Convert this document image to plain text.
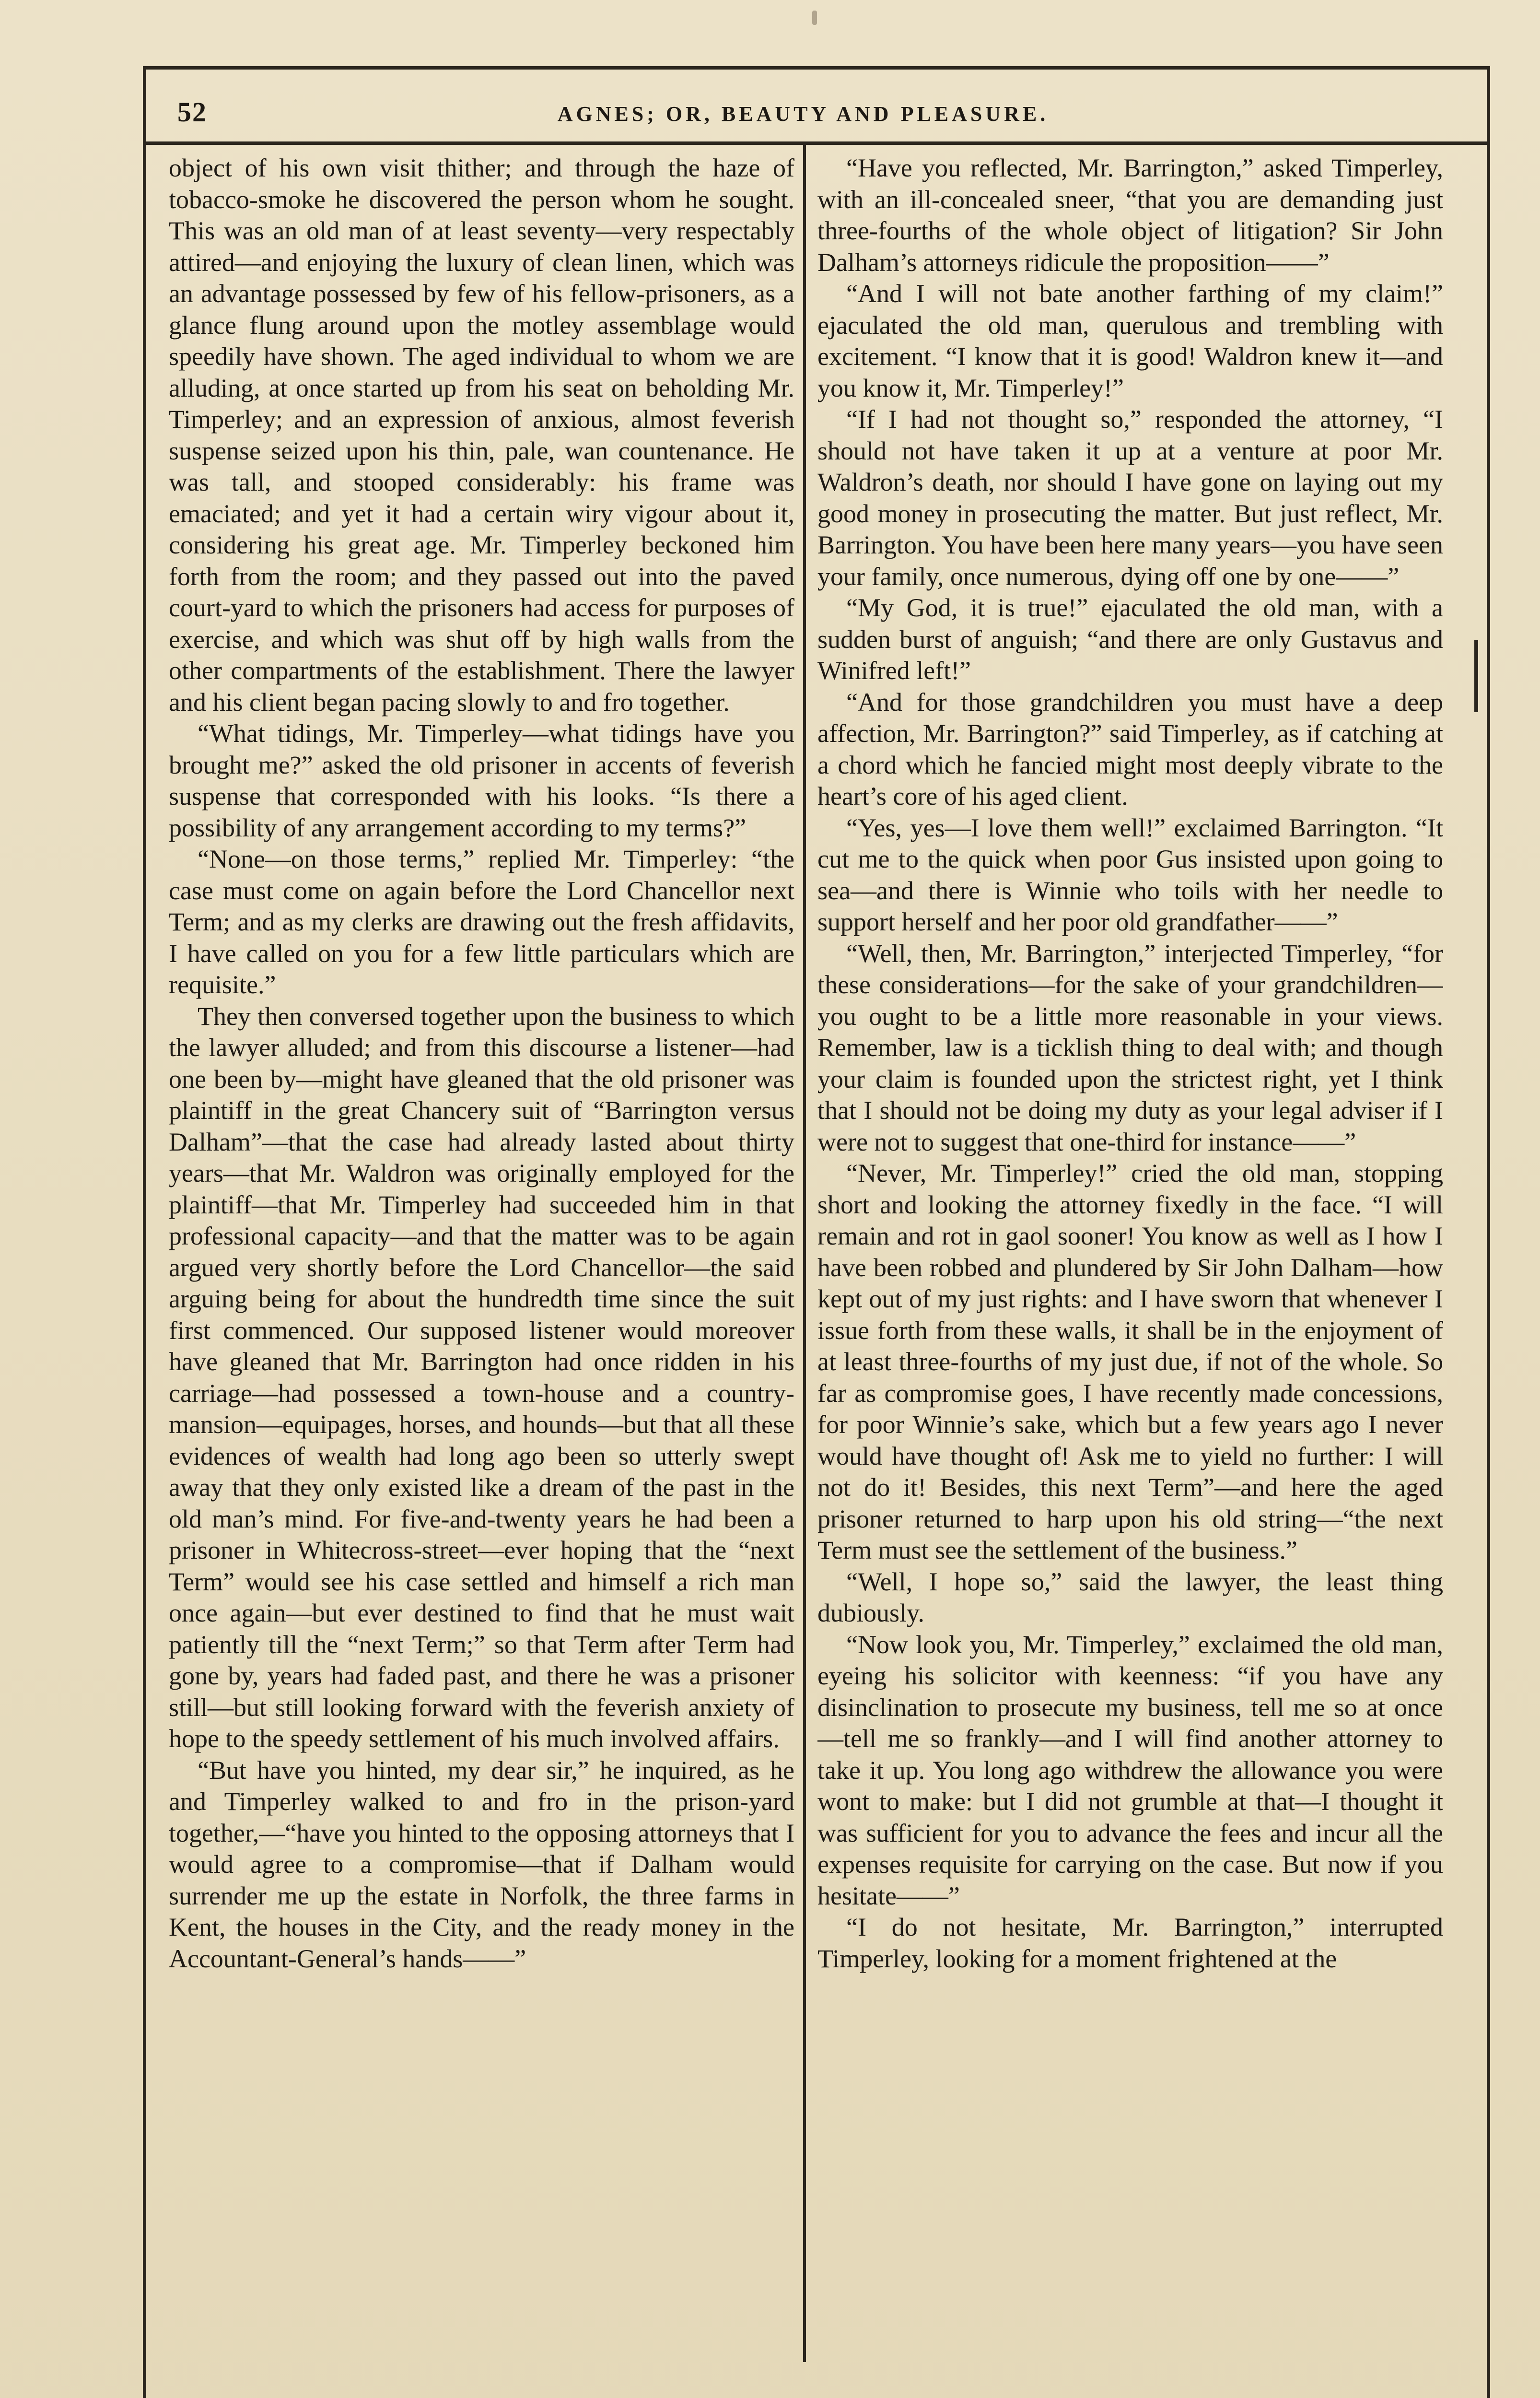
52	AGNES; OR, BEAUTY AND PLEASURE.

object of his own visit thither; and through the haze of tobacco-smoke he discovered the person whom he sought. This was an old man of at least seventy—very respectably attired—and enjoying the luxury of clean linen, which was an advantage possessed by few of his fellow-prisoners, as a glance flung around upon the motley assemblage would speedily have shown. The aged individual to whom we are alluding, at once started up from his seat on beholding Mr. Timperley; and an expression of anxious, almost feverish suspense seized upon his thin, pale, wan countenance. He was tall, and stooped considerably: his frame was emaciated; and yet it had a certain wiry vigour about it, considering his great age. Mr. Timperley beckoned him forth from the room; and they passed out into the paved court-yard to which the prisoners had access for purposes of exercise, and which was shut off by high walls from the other compartments of the establishment. There the lawyer and his client began pacing slowly to and fro together.

“What tidings, Mr. Timperley—what tidings have you brought me?” asked the old prisoner in accents of feverish suspense that corresponded with his looks. “Is there a possibility of any arrangement according to my terms?”

“None—on those terms,” replied Mr. Timperley: “the case must come on again before the Lord Chancellor next Term; and as my clerks are drawing out the fresh affidavits, I have called on you for a few little particulars which are requisite.”

They then conversed together upon the business to which the lawyer alluded; and from this discourse a listener—had one been by—might have gleaned that the old prisoner was plaintiff in the great Chancery suit of “Barrington versus Dalham”—that the case had already lasted about thirty years—that Mr. Waldron was originally employed for the plaintiff—that Mr. Timperley had succeeded him in that professional capacity—and that the matter was to be again argued very shortly before the Lord Chancellor—the said arguing being for about the hundredth time since the suit first commenced. Our supposed listener would moreover have gleaned that Mr. Barrington had once ridden in his carriage—had possessed a town-house and a country-mansion—equipages, horses, and hounds—but that all these evidences of wealth had long ago been so utterly swept away that they only existed like a dream of the past in the old man’s mind. For five-and-twenty years he had been a prisoner in Whitecross-street—ever hoping that the “next Term” would see his case settled and himself a rich man once again—but ever destined to find that he must wait patiently till the “next Term;” so that Term after Term had gone by, years had faded past, and there he was a prisoner still—but still looking forward with the feverish anxiety of hope to the speedy settlement of his much involved affairs.

“But have you hinted, my dear sir,” he inquired, as he and Timperley walked to and fro in the prison-yard together,—“have you hinted to the opposing attorneys that I would agree to a compromise—that if Dalham would surrender me up the estate in Norfolk, the three farms in Kent, the houses in the City, and the ready money in the Accountant-General’s hands——”

“Have you reflected, Mr. Barrington,” asked Timperley, with an ill-concealed sneer, “that you are demanding just three-fourths of the whole object of litigation? Sir John Dalham’s attorneys ridicule the proposition——”

“And I will not bate another farthing of my claim!” ejaculated the old man, querulous and trembling with excitement. “I know that it is good! Waldron knew it—and you know it, Mr. Timperley!”

“If I had not thought so,” responded the attorney, “I should not have taken it up at a venture at poor Mr. Waldron’s death, nor should I have gone on laying out my good money in prosecuting the matter. But just reflect, Mr. Barrington. You have been here many years—you have seen your family, once numerous, dying off one by one——”

“My God, it is true!” ejaculated the old man, with a sudden burst of anguish; “and there are only Gustavus and Winifred left!”

“And for those grandchildren you must have a deep affection, Mr. Barrington?” said Timperley, as if catching at a chord which he fancied might most deeply vibrate to the heart’s core of his aged client.

“Yes, yes—I love them well!” exclaimed Barrington. “It cut me to the quick when poor Gus insisted upon going to sea—and there is Winnie who toils with her needle to support herself and her poor old grandfather——”

“Well, then, Mr. Barrington,” interjected Timperley, “for these considerations—for the sake of your grandchildren—you ought to be a little more reasonable in your views. Remember, law is a ticklish thing to deal with; and though your claim is founded upon the strictest right, yet I think that I should not be doing my duty as your legal adviser if I were not to suggest that one-third for instance——”

“Never, Mr. Timperley!” cried the old man, stopping short and looking the attorney fixedly in the face. “I will remain and rot in gaol sooner! You know as well as I how I have been robbed and plundered by Sir John Dalham—how kept out of my just rights: and I have sworn that whenever I issue forth from these walls, it shall be in the enjoyment of at least three-fourths of my just due, if not of the whole. So far as compromise goes, I have recently made concessions, for poor Winnie’s sake, which but a few years ago I never would have thought of! Ask me to yield no further: I will not do it! Besides, this next Term”—and here the aged prisoner returned to harp upon his old string—“the next Term must see the settlement of the business.”

“Well, I hope so,” said the lawyer, the least thing dubiously.

“Now look you, Mr. Timperley,” exclaimed the old man, eyeing his solicitor with keenness: “if you have any disinclination to prosecute my business, tell me so at once—tell me so frankly—and I will find another attorney to take it up. You long ago withdrew the allowance you were wont to make: but I did not grumble at that—I thought it was sufficient for you to advance the fees and incur all the expenses requisite for carrying on the case. But now if you hesitate——”

“I do not hesitate, Mr. Barrington,” interrupted Timperley, looking for a moment frightened at the
